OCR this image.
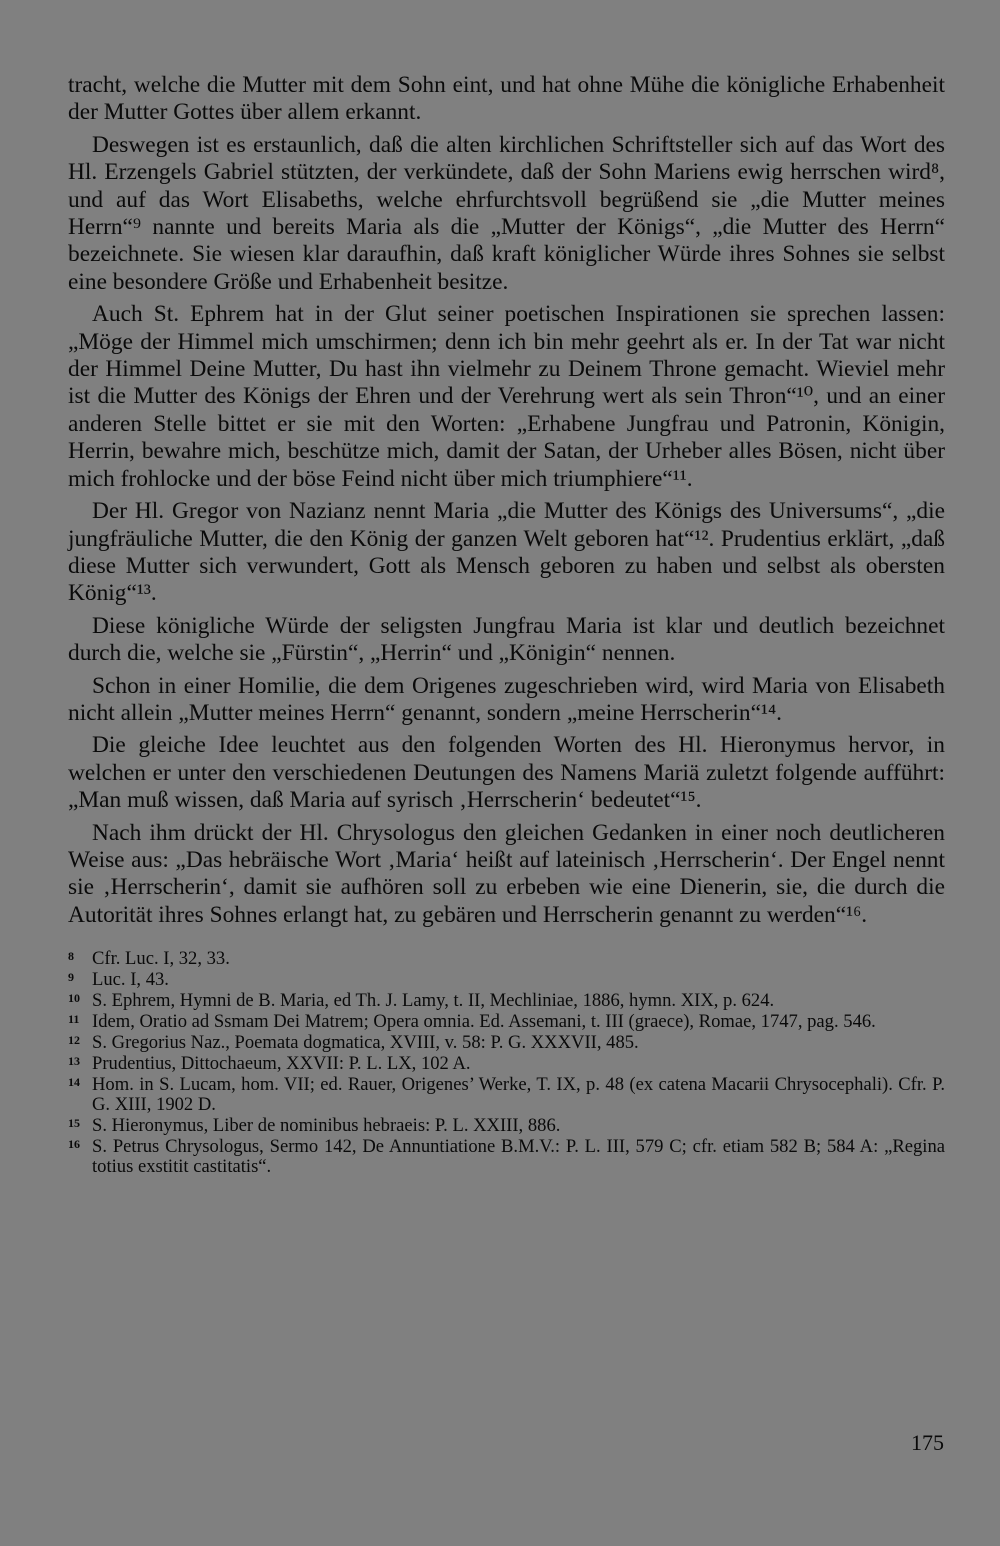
tracht, welche die Mutter mit dem Sohn eint, und hat ohne Mühe die königliche Erhabenheit der Mutter Gottes über allem erkannt.

Deswegen ist es erstaunlich, daß die alten kirchlichen Schriftsteller sich auf das Wort des Hl. Erzengels Gabriel stützten, der verkündete, daß der Sohn Mariens ewig herrschen wird⁸, und auf das Wort Elisabeths, welche ehrfurchtsvoll begrüßend sie „die Mutter meines Herrn“⁹ nannte und bereits Maria als die „Mutter der Königs“, „die Mutter des Herrn“ bezeichnete. Sie wiesen klar daraufhin, daß kraft königlicher Würde ihres Sohnes sie selbst eine besondere Größe und Erhabenheit besitze.

Auch St. Ephrem hat in der Glut seiner poetischen Inspirationen sie sprechen lassen: „Möge der Himmel mich umschirmen; denn ich bin mehr geehrt als er. In der Tat war nicht der Himmel Deine Mutter, Du hast ihn vielmehr zu Deinem Throne gemacht. Wieviel mehr ist die Mutter des Königs der Ehren und der Verehrung wert als sein Thron“¹⁰, und an einer anderen Stelle bittet er sie mit den Worten: „Erhabene Jungfrau und Patronin, Königin, Herrin, bewahre mich, beschütze mich, damit der Satan, der Urheber alles Bösen, nicht über mich frohlocke und der böse Feind nicht über mich triumphiere“¹¹.

Der Hl. Gregor von Nazianz nennt Maria „die Mutter des Königs des Universums“, „die jungfräuliche Mutter, die den König der ganzen Welt geboren hat“¹². Prudentius erklärt, „daß diese Mutter sich verwundert, Gott als Mensch geboren zu haben und selbst als obersten König“¹³.

Diese königliche Würde der seligsten Jungfrau Maria ist klar und deutlich bezeichnet durch die, welche sie „Fürstin“, „Herrin“ und „Königin“ nennen.

Schon in einer Homilie, die dem Origenes zugeschrieben wird, wird Maria von Elisabeth nicht allein „Mutter meines Herrn“ genannt, sondern „meine Herrscherin“¹⁴.

Die gleiche Idee leuchtet aus den folgenden Worten des Hl. Hieronymus hervor, in welchen er unter den verschiedenen Deutungen des Namens Mariä zuletzt folgende aufführt: „Man muß wissen, daß Maria auf syrisch ‚Herrscherin‘ bedeutet“¹⁵.

Nach ihm drückt der Hl. Chrysologus den gleichen Gedanken in einer noch deutlicheren Weise aus: „Das hebräische Wort ‚Maria‘ heißt auf lateinisch ‚Herrscherin‘. Der Engel nennt sie ‚Herrscherin‘, damit sie aufhören soll zu erbeben wie eine Dienerin, sie, die durch die Autorität ihres Sohnes erlangt hat, zu gebären und Herrscherin genannt zu werden“¹⁶.

8 Cfr. Luc. I, 32, 33.
9 Luc. I, 43.
10 S. Ephrem, Hymni de B. Maria, ed Th. J. Lamy, t. II, Mechliniae, 1886, hymn. XIX, p. 624.
11 Idem, Oratio ad Ssmam Dei Matrem; Opera omnia. Ed. Assemani, t. III (graece), Romae, 1747, pag. 546.
12 S. Gregorius Naz., Poemata dogmatica, XVIII, v. 58: P. G. XXXVII, 485.
13 Prudentius, Dittochaeum, XXVII: P. L. LX, 102 A.
14 Hom. in S. Lucam, hom. VII; ed. Rauer, Origenes’ Werke, T. IX, p. 48 (ex catena Macarii Chrysocephali). Cfr. P. G. XIII, 1902 D.
15 S. Hieronymus, Liber de nominibus hebraeis: P. L. XXIII, 886.
16 S. Petrus Chrysologus, Sermo 142, De Annuntiatione B.M.V.: P. L. III, 579 C; cfr. etiam 582 B; 584 A: „Regina totius exstitit castitatis“.
175
